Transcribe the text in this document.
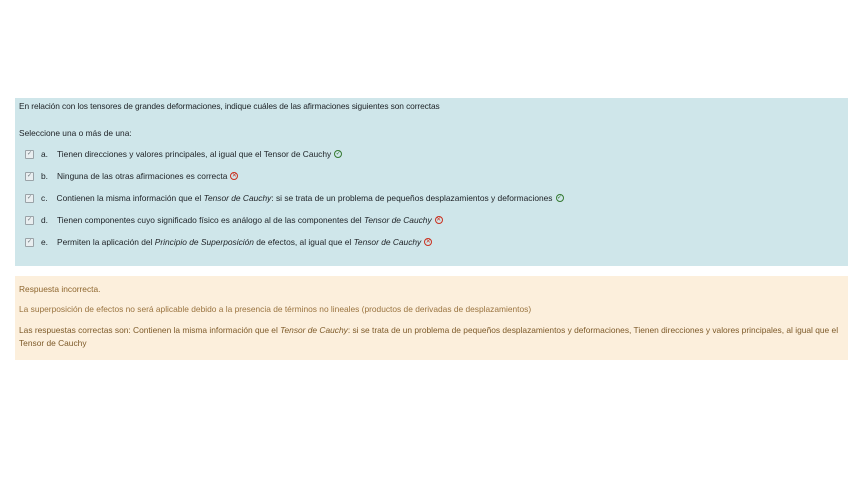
En relación con los tensores de grandes deformaciones, indique cuáles de las afirmaciones siguientes son correctas
Seleccione una o más de una:
✓ a. Tienen direcciones y valores principales, al igual que el Tensor de Cauchy ✓
✓ b. Ninguna de las otras afirmaciones es correcta ✕
✓ c. Contienen la misma información que el Tensor de Cauchy: si se trata de un problema de pequeños desplazamientos y deformaciones ✓
✓ d. Tienen componentes cuyo significado físico es análogo al de las componentes del Tensor de Cauchy ✕
✓ e. Permiten la aplicación del Principio de Superposición de efectos, al igual que el Tensor de Cauchy ✕
Respuesta incorrecta.
La superposición de efectos no será aplicable debido a la presencia de términos no lineales (productos de derivadas de desplazamientos)
Las respuestas correctas son: Contienen la misma información que el Tensor de Cauchy: si se trata de un problema de pequeños desplazamientos y deformaciones, Tienen direcciones y valores principales, al igual que el Tensor de Cauchy
